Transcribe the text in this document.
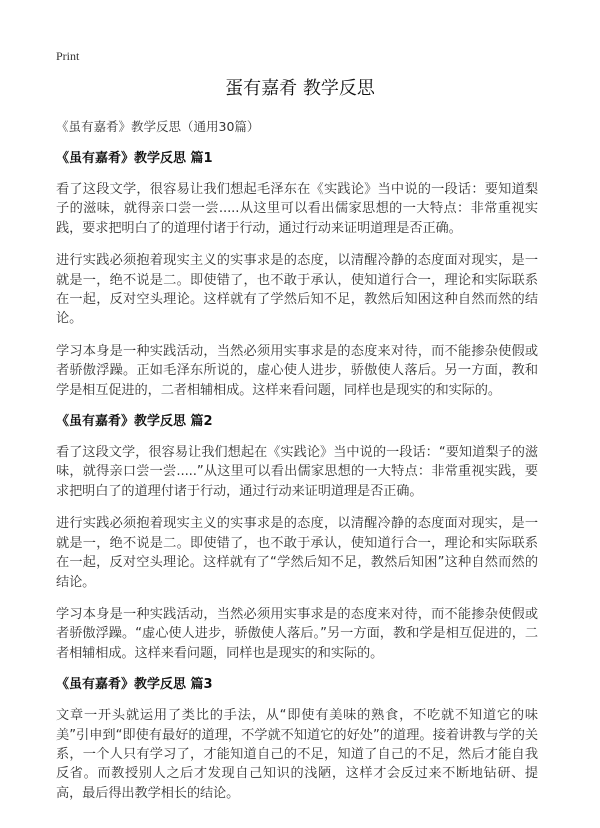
Print
蛋有嘉肴 教学反思

《虽有嘉肴》教学反思（通用30篇）

《虽有嘉肴》教学反思 篇1

看了这段文学，很容易让我们想起毛泽东在《实践论》当中说的一段话：要知道梨子的滋味，就得亲口尝一尝.....从这里可以看出儒家思想的一大特点：非常重视实践，要求把明白了的道理付诸于行动，通过行动来证明道理是否正确。

进行实践必须抱着现实主义的实事求是的态度，以清醒冷静的态度面对现实，是一就是一，绝不说是二。即使错了，也不敢于承认，使知道行合一，理论和实际联系在一起，反对空头理论。这样就有了学然后知不足，教然后知困这种自然而然的结论。

学习本身是一种实践活动，当然必须用实事求是的态度来对待，而不能掺杂使假或者骄傲浮躁。正如毛泽东所说的，虚心使人进步，骄傲使人落后。另一方面，教和学是相互促进的，二者相辅相成。这样来看问题，同样也是现实的和实际的。

《虽有嘉肴》教学反思 篇2

看了这段文学，很容易让我们想起在《实践论》当中说的一段话：“要知道梨子的滋味，就得亲口尝一尝.....”从这里可以看出儒家思想的一大特点：非常重视实践，要求把明白了的道理付诸于行动，通过行动来证明道理是否正确。

进行实践必须抱着现实主义的实事求是的态度，以清醒冷静的态度面对现实，是一就是一，绝不说是二。即使错了，也不敢于承认，使知道行合一，理论和实际联系在一起，反对空头理论。这样就有了“学然后知不足，教然后知困”这种自然而然的结论。

学习本身是一种实践活动，当然必须用实事求是的态度来对待，而不能掺杂使假或者骄傲浮躁。“虚心使人进步，骄傲使人落后。”另一方面，教和学是相互促进的，二者相辅相成。这样来看问题，同样也是现实的和实际的。

《虽有嘉肴》教学反思 篇3

文章一开头就运用了类比的手法，从“即使有美味的熟食，不吃就不知道它的味美”引申到“即使有最好的道理，不学就不知道它的好处”的道理。接着讲教与学的关系，一个人只有学习了，才能知道自己的不足，知道了自己的不足，然后才能自我反省。而教授别人之后才发现自己知识的浅陋，这样才会反过来不断地钻研、提高，最后得出教学相长的结论。
